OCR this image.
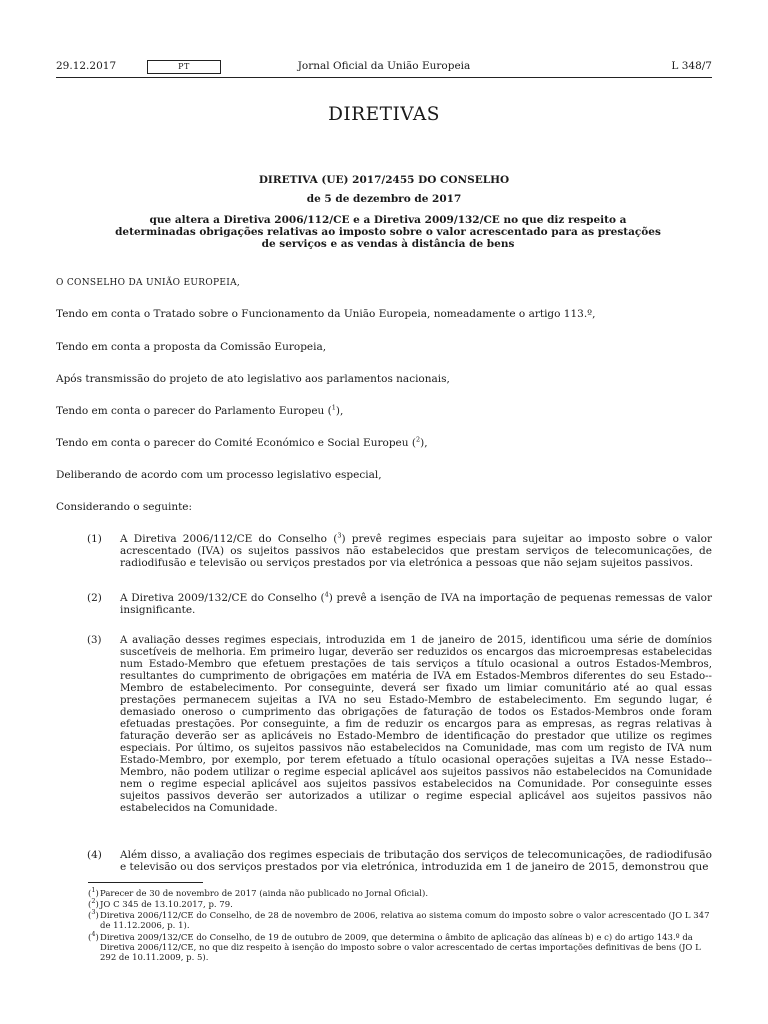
29.12.2017	PT	Jornal Oficial da União Europeia	L 348/7
DIRETIVAS
DIRETIVA (UE) 2017/2455 DO CONSELHO
de 5 de dezembro de 2017
que altera a Diretiva 2006/112/CE e a Diretiva 2009/132/CE no que diz respeito a determinadas obrigações relativas ao imposto sobre o valor acrescentado para as prestações de serviços e as vendas à distância de bens
O CONSELHO DA UNIÃO EUROPEIA,
Tendo em conta o Tratado sobre o Funcionamento da União Europeia, nomeadamente o artigo 113.º,
Tendo em conta a proposta da Comissão Europeia,
Após transmissão do projeto de ato legislativo aos parlamentos nacionais,
Tendo em conta o parecer do Parlamento Europeu ($^1$),
Tendo em conta o parecer do Comité Económico e Social Europeu ($^2$),
Deliberando de acordo com um processo legislativo especial,
Considerando o seguinte:
(1)	A Diretiva 2006/112/CE do Conselho ($^3$) prevê regimes especiais para sujeitar ao imposto sobre o valor acrescentado (IVA) os sujeitos passivos não estabelecidos que prestam serviços de telecomunicações, de radiodifusão e televisão ou serviços prestados por via eletrónica a pessoas que não sejam sujeitos passivos.
(2)	A Diretiva 2009/132/CE do Conselho ($^4$) prevê a isenção de IVA na importação de pequenas remessas de valor insignificante.
(3)	A avaliação desses regimes especiais, introduzida em 1 de janeiro de 2015, identificou uma série de domínios suscetíveis de melhoria. Em primeiro lugar, deverão ser reduzidos os encargos das microempresas estabelecidas num Estado-Membro que efetuem prestações de tais serviços a título ocasional a outros Estados-Membros, resultantes do cumprimento de obrigações em matéria de IVA em Estados-Membros diferentes do seu Estado--Membro de estabelecimento. Por conseguinte, deverá ser fixado um limiar comunitário até ao qual essas prestações permanecem sujeitas a IVA no seu Estado-Membro de estabelecimento. Em segundo lugar, é demasiado oneroso o cumprimento das obrigações de faturação de todos os Estados-Membros onde foram efetuadas prestações. Por conseguinte, a fim de reduzir os encargos para as empresas, as regras relativas à faturação deverão ser as aplicáveis no Estado-Membro de identificação do prestador que utilize os regimes especiais. Por último, os sujeitos passivos não estabelecidos na Comunidade, mas com um registo de IVA num Estado-Membro, por exemplo, por terem efetuado a título ocasional operações sujeitas a IVA nesse Estado--Membro, não podem utilizar o regime especial aplicável aos sujeitos passivos não estabelecidos na Comunidade nem o regime especial aplicável aos sujeitos passivos estabelecidos na Comunidade. Por conseguinte esses sujeitos passivos deverão ser autorizados a utilizar o regime especial aplicável aos sujeitos passivos não estabelecidos na Comunidade.
(4)	Além disso, a avaliação dos regimes especiais de tributação dos serviços de telecomunicações, de radiodifusão e televisão ou dos serviços prestados por via eletrónica, introduzida em 1 de janeiro de 2015, demonstrou que
($^1$) Parecer de 30 de novembro de 2017 (ainda não publicado no Jornal Oficial).
($^2$) JO C 345 de 13.10.2017, p. 79.
($^3$) Diretiva 2006/112/CE do Conselho, de 28 de novembro de 2006, relativa ao sistema comum do imposto sobre o valor acrescentado (JO L 347 de 11.12.2006, p. 1).
($^4$) Diretiva 2009/132/CE do Conselho, de 19 de outubro de 2009, que determina o âmbito de aplicação das alíneas b) e c) do artigo 143.º da Diretiva 2006/112/CE, no que diz respeito à isenção do imposto sobre o valor acrescentado de certas importações definitivas de bens (JO L 292 de 10.11.2009, p. 5).
